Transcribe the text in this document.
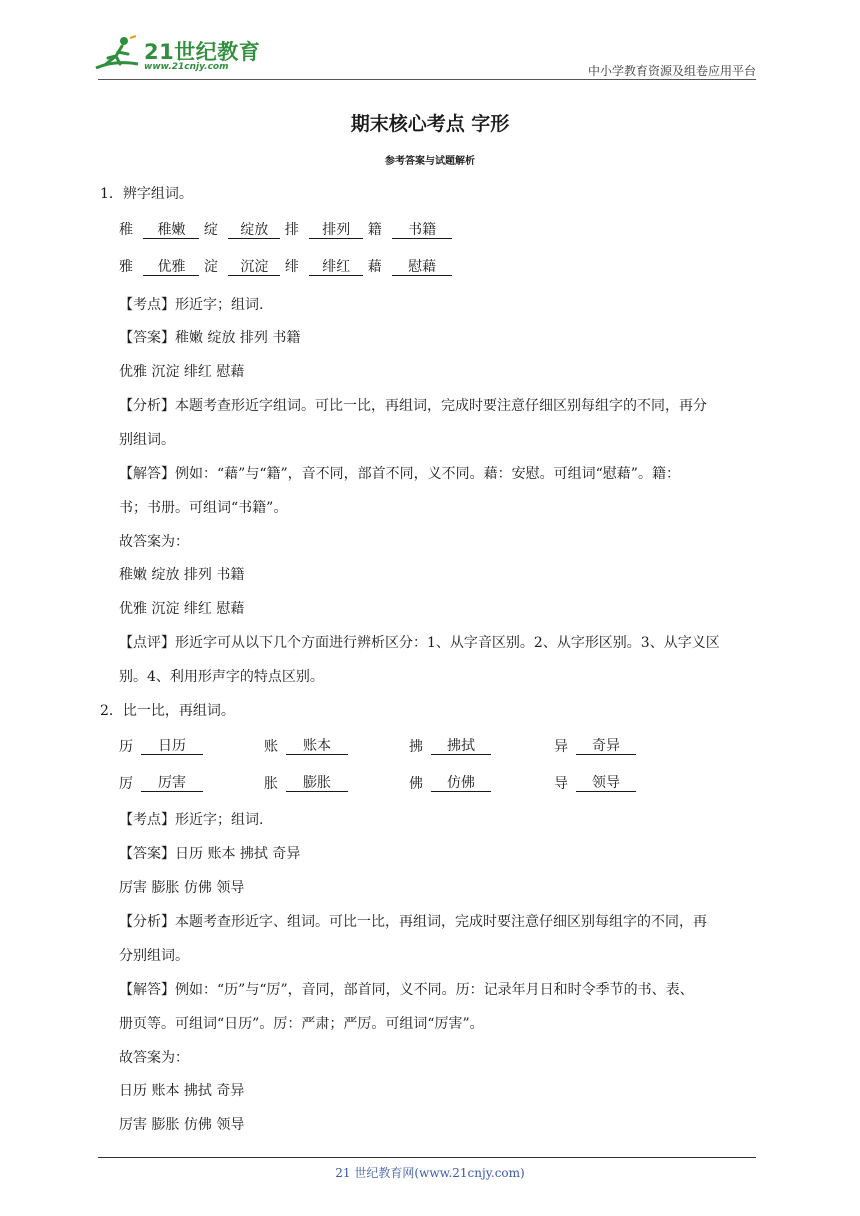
21世纪教育
www.21cnjy.com	中小学教育资源及组卷应用平台
期末核心考点 字形
参考答案与试题解析
1．辨字组词。
稚 稚嫩 绽 绽放 排 排列 籍 书籍
雅 优雅 淀 沉淀 绯 绯红 藉 慰藉
【考点】形近字；组词.
【答案】稚嫩 绽放 排列 书籍
优雅 沉淀 绯红 慰藉
【分析】本题考查形近字组词。可比一比，再组词，完成时要注意仔细区别每组字的不同，再分
别组词。
【解答】例如：“藉”与“籍”，音不同，部首不同，义不同。藉：安慰。可组词“慰藉”。籍：
书；书册。可组词“书籍”。
故答案为：
稚嫩 绽放 排列 书籍
优雅 沉淀 绯红 慰藉
【点评】形近字可从以下几个方面进行辨析区分：1、从字音区别。2、从字形区别。3、从字义区
别。4、利用形声字的特点区别。
2．比一比，再组词。
历	日历	账	账本	拂	拂拭	异	奇异
厉	厉害	胀	膨胀	佛	仿佛	导	领导
【考点】形近字；组词.
【答案】日历 账本 拂拭 奇异
厉害 膨胀 仿佛 领导
【分析】本题考查形近字、组词。可比一比，再组词，完成时要注意仔细区别每组字的不同，再
分别组词。
【解答】例如：“历”与“厉”，音同，部首同，义不同。历：记录年月日和时令季节的书、表、
册页等。可组词“日历”。厉：严肃；严厉。可组词“厉害”。
故答案为：
日历 账本 拂拭 奇异
厉害 膨胀 仿佛 领导
21 世纪教育网(www.21cnjy.com)
